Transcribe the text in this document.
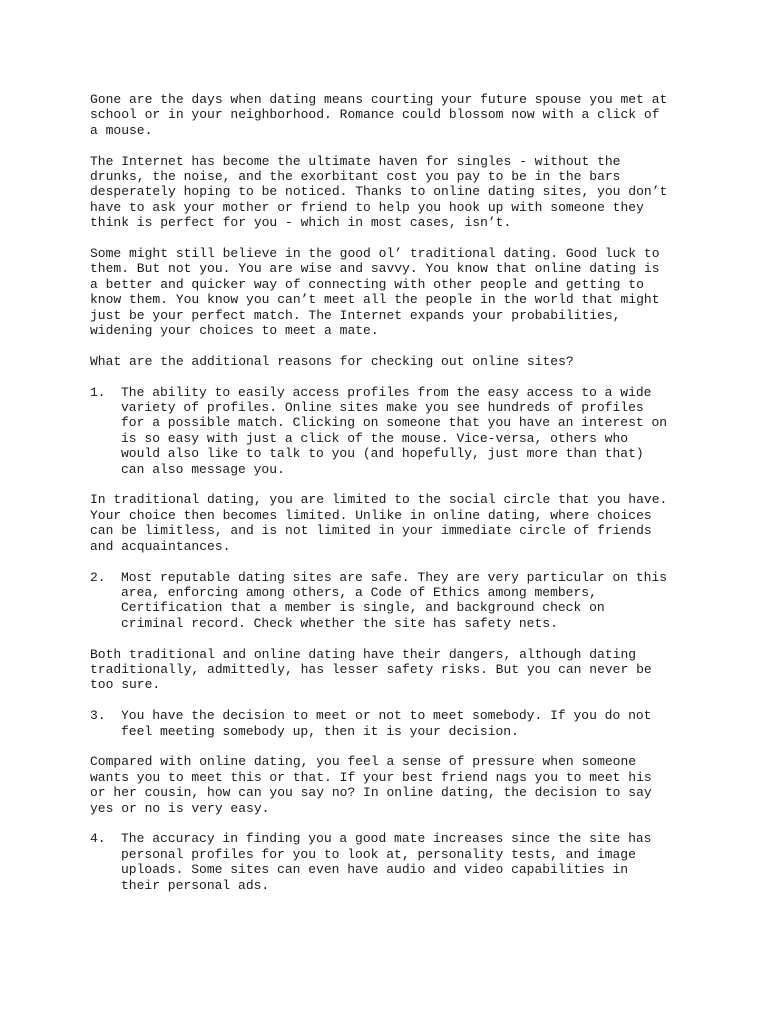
Gone are the days when dating means courting your future spouse you met at
school or in your neighborhood. Romance could blossom now with a click of
a mouse.

The Internet has become the ultimate haven for singles - without the
drunks, the noise, and the exorbitant cost you pay to be in the bars
desperately hoping to be noticed. Thanks to online dating sites, you don’t
have to ask your mother or friend to help you hook up with someone they
think is perfect for you - which in most cases, isn’t.

Some might still believe in the good ol’ traditional dating. Good luck to
them. But not you. You are wise and savvy. You know that online dating is
a better and quicker way of connecting with other people and getting to
know them. You know you can’t meet all the people in the world that might
just be your perfect match. The Internet expands your probabilities,
widening your choices to meet a mate.

What are the additional reasons for checking out online sites?

1.	The ability to easily access profiles from the easy access to a wide
variety of profiles. Online sites make you see hundreds of profiles
for a possible match. Clicking on someone that you have an interest on
is so easy with just a click of the mouse. Vice-versa, others who
would also like to talk to you (and hopefully, just more than that)
can also message you.

In traditional dating, you are limited to the social circle that you have.
Your choice then becomes limited. Unlike in online dating, where choices
can be limitless, and is not limited in your immediate circle of friends
and acquaintances.

2.	Most reputable dating sites are safe. They are very particular on this
area, enforcing among others, a Code of Ethics among members,
Certification that a member is single, and background check on
criminal record. Check whether the site has safety nets.

Both traditional and online dating have their dangers, although dating
traditionally, admittedly, has lesser safety risks. But you can never be
too sure.

3.	You have the decision to meet or not to meet somebody. If you do not
feel meeting somebody up, then it is your decision.

Compared with online dating, you feel a sense of pressure when someone
wants you to meet this or that. If your best friend nags you to meet his
or her cousin, how can you say no? In online dating, the decision to say
yes or no is very easy.

4.	The accuracy in finding you a good mate increases since the site has
personal profiles for you to look at, personality tests, and image
uploads. Some sites can even have audio and video capabilities in
their personal ads.
